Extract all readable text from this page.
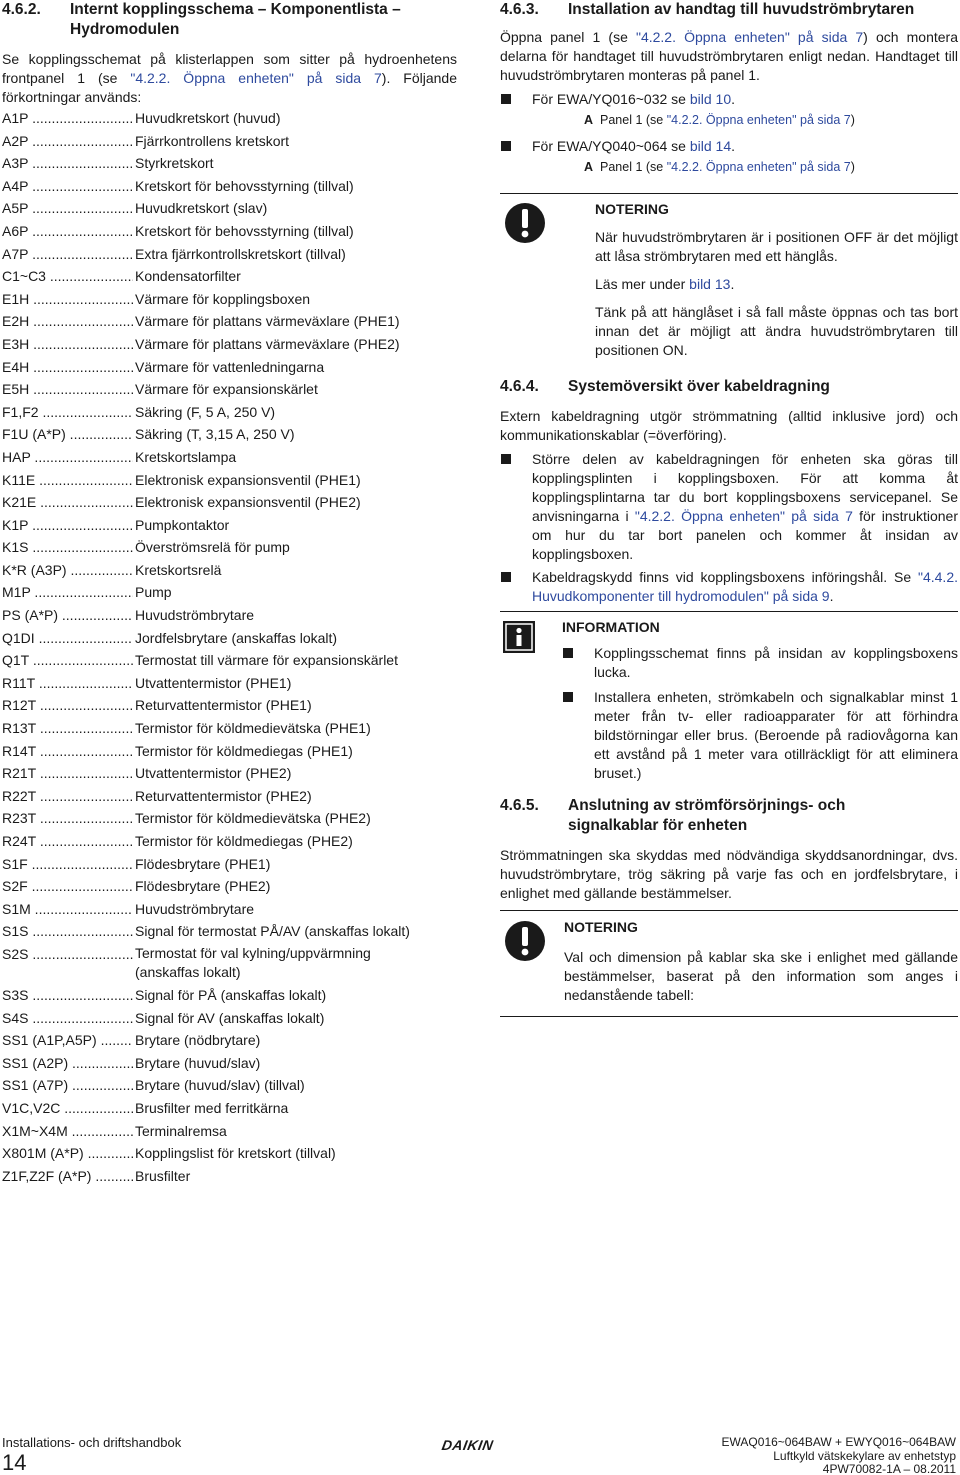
4.6.2. Internt kopplingsschema – Komponentlista – Hydromodulen

Se kopplingsschemat på klisterlappen som sitter på hydroenhetens frontpanel 1 (se "4.2.2. Öppna enheten" på sida 7). Följande förkortningar används:

A1P .....	Huvudkretskort (huvud)
A2P .....	Fjärrkontrollens kretskort
A3P .....	Styrkretskort
A4P .....	Kretskort för behovsstyrning (tillval)
A5P .....	Huvudkretskort (slav)
A6P .....	Kretskort för behovsstyrning (tillval)
A7P .....	Extra fjärrkontrollskretskort (tillval)
C1~C3 .....	Kondensatorfilter
E1H .....	Värmare för kopplingsboxen
E2H .....	Värmare för plattans värmeväxlare (PHE1)
E3H .....	Värmare för plattans värmeväxlare (PHE2)
E4H .....	Värmare för vattenledningarna
E5H .....	Värmare för expansionskärlet
F1,F2 .....	Säkring (F, 5 A, 250 V)
F1U (A*P) .....	Säkring (T, 3,15 A, 250 V)
HAP .....	Kretskortslampa
K11E .....	Elektronisk expansionsventil (PHE1)
K21E .....	Elektronisk expansionsventil (PHE2)
K1P .....	Pumpkontaktor
K1S .....	Överströmsrelä för pump
K*R (A3P) .....	Kretskortsrelä
M1P .....	Pump
PS (A*P) .....	Huvudströmbrytare
Q1DI .....	Jordfelsbrytare (anskaffas lokalt)
Q1T .....	Termostat till värmare för expansionskärlet
R11T .....	Utvattentermistor (PHE1)
R12T .....	Returvattentermistor (PHE1)
R13T .....	Termistor för köldmedievätska (PHE1)
R14T .....	Termistor för köldmediegas (PHE1)
R21T .....	Utvattentermistor (PHE2)
R22T .....	Returvattentermistor (PHE2)
R23T .....	Termistor för köldmedievätska (PHE2)
R24T .....	Termistor för köldmediegas (PHE2)
S1F .....	Flödesbrytare (PHE1)
S2F .....	Flödesbrytare (PHE2)
S1M .....	Huvudströmbrytare
S1S .....	Signal för termostat PÅ/AV (anskaffas lokalt)
S2S .....	Termostat för val kylning/uppvärmning (anskaffas lokalt)
S3S .....	Signal för PÅ (anskaffas lokalt)
S4S .....	Signal för AV (anskaffas lokalt)
SS1 (A1P,A5P) .....	Brytare (nödbrytare)
SS1 (A2P) .....	Brytare (huvud/slav)
SS1 (A7P) .....	Brytare (huvud/slav) (tillval)
V1C,V2C .....	Brusfilter med ferritkärna
X1M~X4M .....	Terminalremsa
X801M (A*P) .....	Kopplingslist för kretskort (tillval)
Z1F,Z2F (A*P) .....	Brusfilter
4.6.3. Installation av handtag till huvudströmbrytaren

Öppna panel 1 (se "4.2.2. Öppna enheten" på sida 7) och montera delarna för handtaget till huvudströmbrytaren enligt nedan. Handtaget till huvudströmbrytaren monteras på panel 1.

För EWA/YQ016~032 se bild 10.
A Panel 1 (se "4.2.2. Öppna enheten" på sida 7)
För EWA/YQ040~064 se bild 14.
A Panel 1 (se "4.2.2. Öppna enheten" på sida 7)
NOTERING
När huvudströmbrytaren är i positionen OFF är det möjligt att låsa strömbrytaren med ett hänglås.
Läs mer under bild 13.
Tänk på att hänglåset i så fall måste öppnas och tas bort innan det är möjligt att ändra huvudströmbrytaren till positionen ON.
4.6.4. Systemöversikt över kabeldragning

Extern kabeldragning utgör strömmatning (alltid inklusive jord) och kommunikationskablar (=överföring).

Större delen av kabeldragningen för enheten ska göras till kopplingsplinten i kopplingsboxen. För att komma åt kopplingsplintarna tar du bort kopplingsboxens servicepanel. Se anvisningarna i "4.2.2. Öppna enheten" på sida 7 för instruktioner om hur du tar bort panelen och kommer åt insidan av kopplingsboxen.
Kabeldragskydd finns vid kopplingsboxens införingshål. Se "4.4.2. Huvudkomponenter till hydromodulen" på sida 9.
INFORMATION
Kopplingsschemat finns på insidan av kopplingsboxens lucka.
Installera enheten, strömkabeln och signalkablar minst 1 meter från tv- eller radioapparater för att förhindra bildstörningar eller brus. (Beroende på radiovågorna kan ett avstånd på 1 meter vara otillräckligt för att eliminera bruset.)
4.6.5. Anslutning av strömförsörjnings- och signalkablar för enheten

Strömmatningen ska skyddas med nödvändiga skyddsanordningar, dvs. huvudströmbrytare, trög säkring på varje fas och en jordfelsbrytare, i enlighet med gällande bestämmelser.

NOTERING
Val och dimension på kablar ska ske i enlighet med gällande bestämmelser, baserat på den information som anges i nedanstående tabell:
Installations- och driftshandbok
14
DAIKIN	EWAQ016~064BAW + EWYQ016~064BAW
Luftkyld vätskekylare av enhetstyp
4PW70082-1A – 08.2011
